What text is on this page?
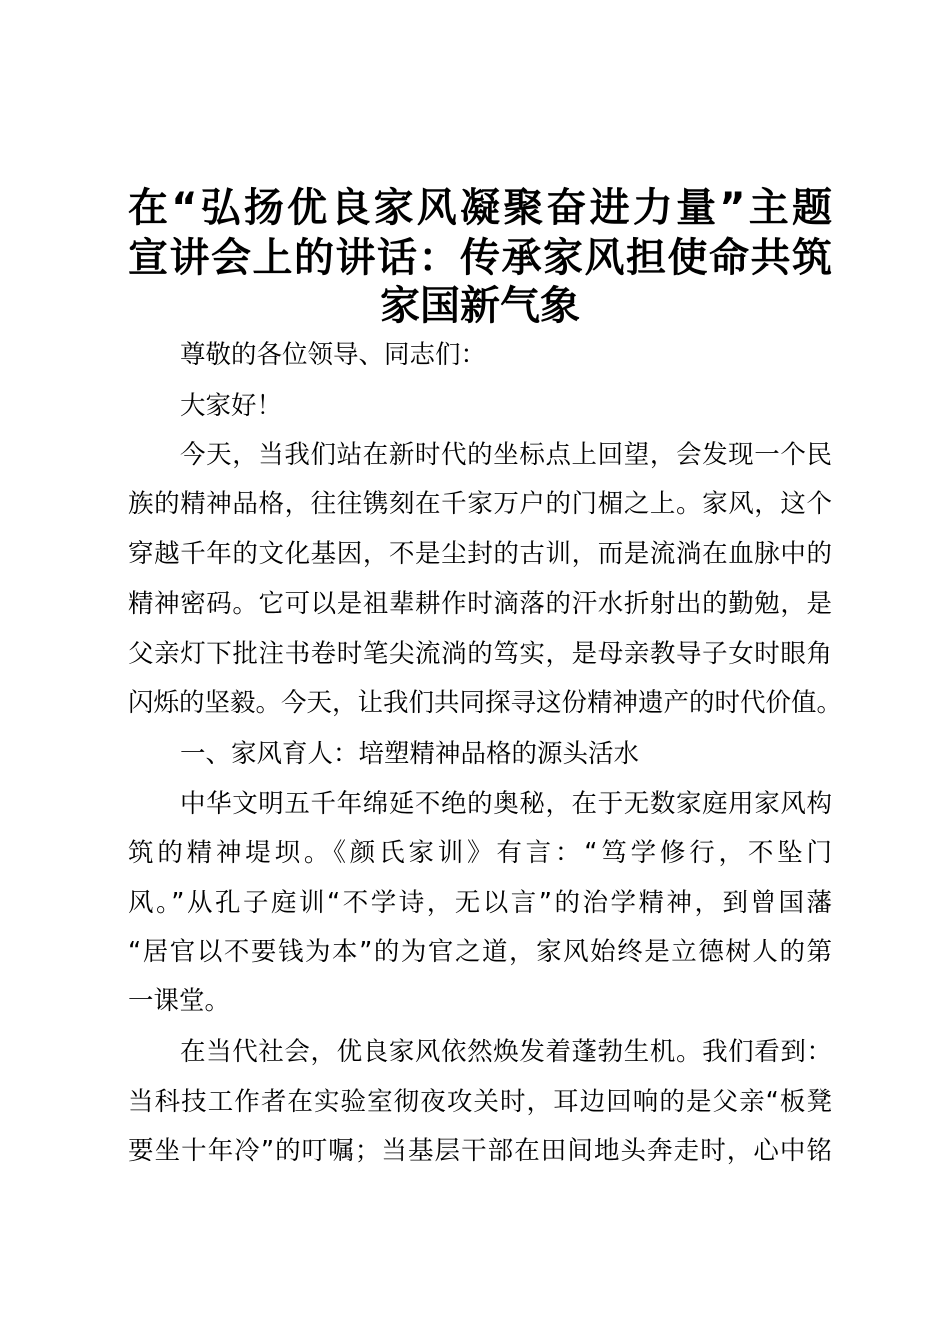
在“弘扬优良家风凝聚奋进力量”主题
宣讲会上的讲话：传承家风担使命共筑
家国新气象
尊敬的各位领导、同志们：
大家好！
今天，当我们站在新时代的坐标点上回望，会发现一个民
族的精神品格，往往镌刻在千家万户的门楣之上。家风，这个
穿越千年的文化基因，不是尘封的古训，而是流淌在血脉中的
精神密码。它可以是祖辈耕作时滴落的汗水折射出的勤勉，是
父亲灯下批注书卷时笔尖流淌的笃实，是母亲教导子女时眼角
闪烁的坚毅。今天，让我们共同探寻这份精神遗产的时代价值。
一、家风育人：培塑精神品格的源头活水
中华文明五千年绵延不绝的奥秘，在于无数家庭用家风构
筑的精神堤坝。《颜氏家训》有言：“笃学修行，不坠门
风。”从孔子庭训“不学诗，无以言”的治学精神，到曾国藩
“居官以不要钱为本”的为官之道，家风始终是立德树人的第
一课堂。
在当代社会，优良家风依然焕发着蓬勃生机。我们看到：
当科技工作者在实验室彻夜攻关时，耳边回响的是父亲“板凳
要坐十年冷”的叮嘱；当基层干部在田间地头奔走时，心中铭
